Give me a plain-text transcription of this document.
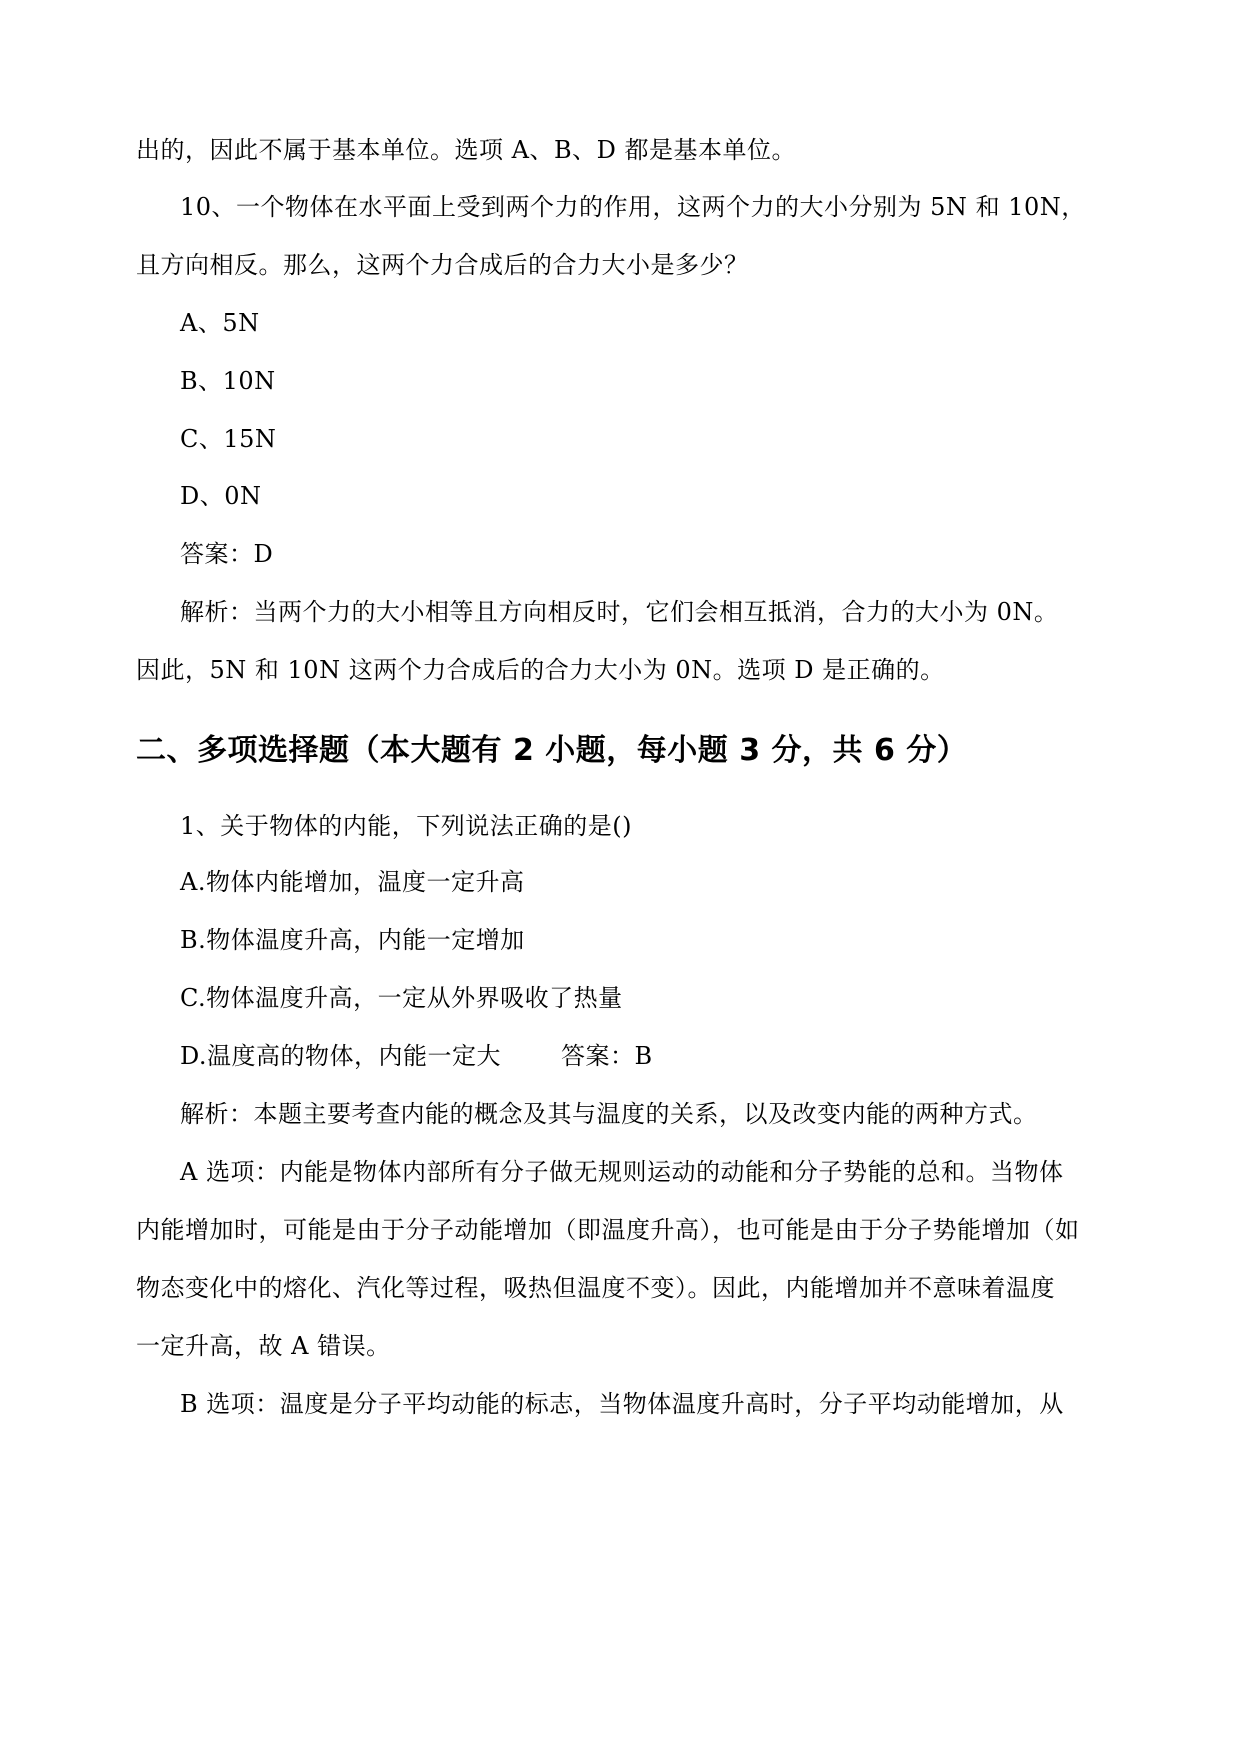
出的，因此不属于基本单位。选项 A、B、D 都是基本单位。
10、一个物体在水平面上受到两个力的作用，这两个力的大小分别为 5N 和 10N，
且方向相反。那么，这两个力合成后的合力大小是多少？
A、5N
B、10N
C、15N
D、0N
答案：D
解析：当两个力的大小相等且方向相反时，它们会相互抵消，合力的大小为 0N。
因此，5N 和 10N 这两个力合成后的合力大小为 0N。选项 D 是正确的。
二、多项选择题（本大题有 2 小题，每小题 3 分，共 6 分）
1、关于物体的内能，下列说法正确的是()
A.物体内能增加，温度一定升高
B.物体温度升高，内能一定增加
C.物体温度升高，一定从外界吸收了热量
D.温度高的物体，内能一定大	答案：B
解析：本题主要考查内能的概念及其与温度的关系，以及改变内能的两种方式。
A 选项：内能是物体内部所有分子做无规则运动的动能和分子势能的总和。当物体
内能增加时，可能是由于分子动能增加（即温度升高），也可能是由于分子势能增加（如
物态变化中的熔化、汽化等过程，吸热但温度不变）。因此，内能增加并不意味着温度
一定升高，故 A 错误。
B 选项：温度是分子平均动能的标志，当物体温度升高时，分子平均动能增加，从
